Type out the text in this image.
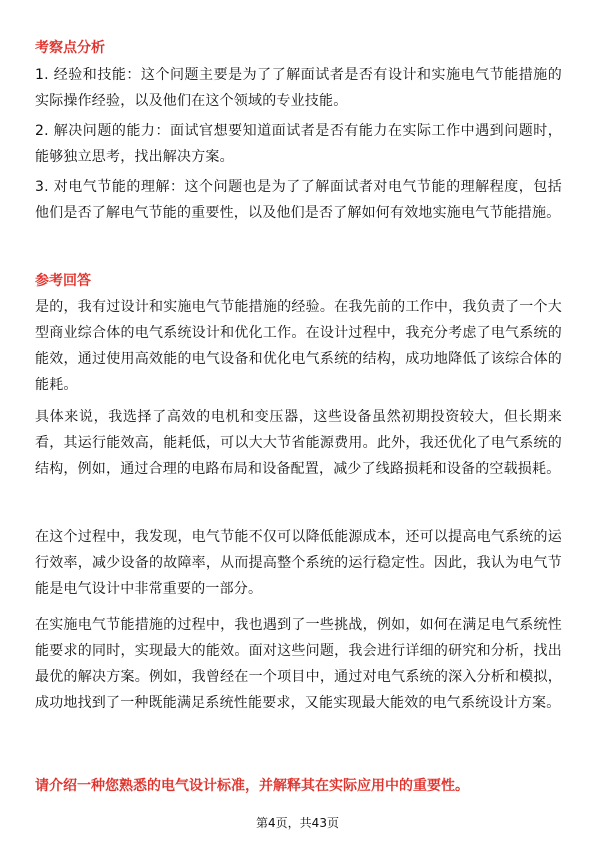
考察点分析

1. 经验和技能：这个问题主要是为了了解面试者是否有设计和实施电气节能措施的实际操作经验，以及他们在这个领域的专业技能。

2. 解决问题的能力：面试官想要知道面试者是否有能力在实际工作中遇到问题时，能够独立思考，找出解决方案。

3. 对电气节能的理解：这个问题也是为了了解面试者对电气节能的理解程度，包括他们是否了解电气节能的重要性，以及他们是否了解如何有效地实施电气节能措施。

参考回答

是的，我有过设计和实施电气节能措施的经验。在我先前的工作中，我负责了一个大型商业综合体的电气系统设计和优化工作。在设计过程中，我充分考虑了电气系统的能效，通过使用高效能的电气设备和优化电气系统的结构，成功地降低了该综合体的能耗。

具体来说，我选择了高效的电机和变压器，这些设备虽然初期投资较大，但长期来看，其运行能效高，能耗低，可以大大节省能源费用。此外，我还优化了电气系统的结构，例如，通过合理的电路布局和设备配置，减少了线路损耗和设备的空载损耗。

在这个过程中，我发现，电气节能不仅可以降低能源成本，还可以提高电气系统的运行效率，减少设备的故障率，从而提高整个系统的运行稳定性。因此，我认为电气节能是电气设计中非常重要的一部分。

在实施电气节能措施的过程中，我也遇到了一些挑战，例如，如何在满足电气系统性能要求的同时，实现最大的能效。面对这些问题，我会进行详细的研究和分析，找出最优的解决方案。例如，我曾经在一个项目中，通过对电气系统的深入分析和模拟，成功地找到了一种既能满足系统性能要求，又能实现最大能效的电气系统设计方案。

请介绍一种您熟悉的电气设计标准，并解释其在实际应用中的重要性。

第4页，共43页
